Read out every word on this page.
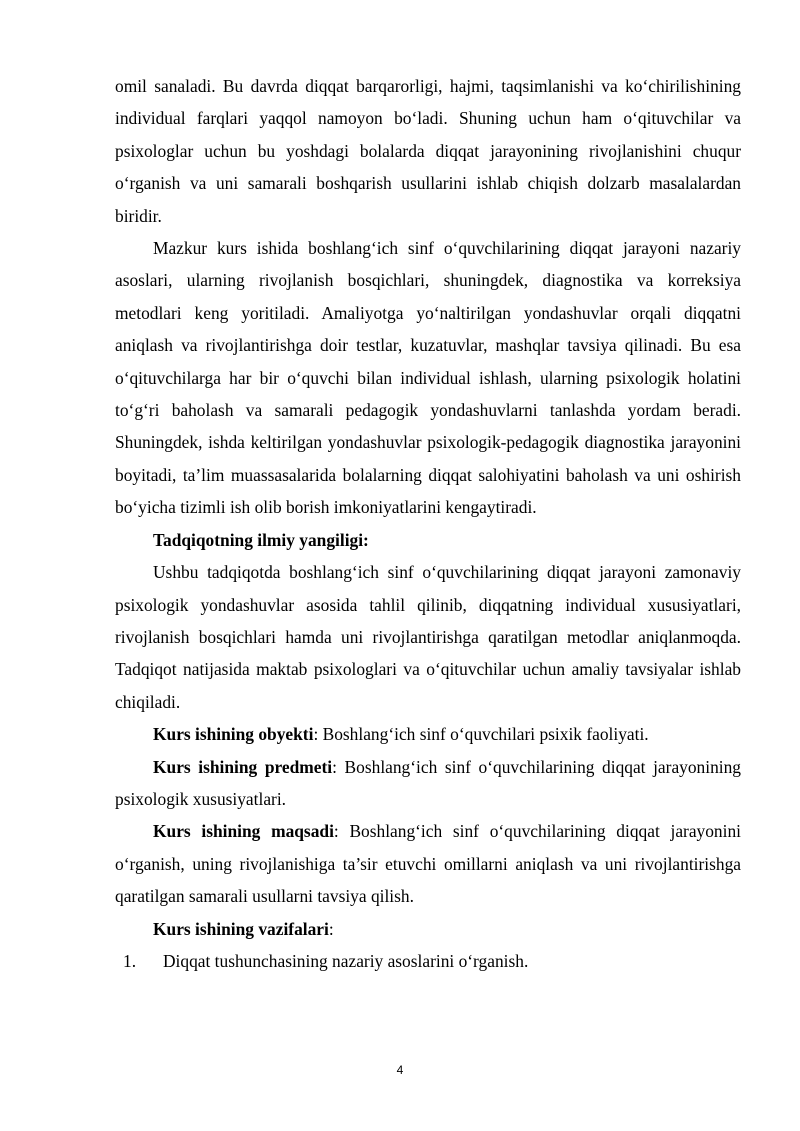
omil sanaladi. Bu davrda diqqat barqarorligi, hajmi, taqsimlanishi va ko‘chirilishining individual farqlari yaqqol namoyon bo‘ladi. Shuning uchun ham o‘qituvchilar va psixologlar uchun bu yoshdagi bolalarda diqqat jarayonining rivojlanishini chuqur o‘rganish va uni samarali boshqarish usullarini ishlab chiqish dolzarb masalalardan biridir.

Mazkur kurs ishida boshlang‘ich sinf o‘quvchilarining diqqat jarayoni nazariy asoslari, ularning rivojlanish bosqichlari, shuningdek, diagnostika va korreksiya metodlari keng yoritiladi. Amaliyotga yo‘naltirilgan yondashuvlar orqali diqqatni aniqlash va rivojlantirishga doir testlar, kuzatuvlar, mashqlar tavsiya qilinadi. Bu esa o‘qituvchilarga har bir o‘quvchi bilan individual ishlash, ularning psixologik holatini to‘g‘ri baholash va samarali pedagogik yondashuvlarni tanlashda yordam beradi. Shuningdek, ishda keltirilgan yondashuvlar psixologik-pedagogik diagnostika jarayonini boyitadi, ta’lim muassasalarida bolalarning diqqat salohiyatini baholash va uni oshirish bo‘yicha tizimli ish olib borish imkoniyatlarini kengaytiradi.

Tadqiqotning ilmiy yangiligi:

Ushbu tadqiqotda boshlang‘ich sinf o‘quvchilarining diqqat jarayoni zamonaviy psixologik yondashuvlar asosida tahlil qilinib, diqqatning individual xususiyatlari, rivojlanish bosqichlari hamda uni rivojlantirishga qaratilgan metodlar aniqlanmoqda. Tadqiqot natijasida maktab psixologlari va o‘qituvchilar uchun amaliy tavsiyalar ishlab chiqiladi.

Kurs ishining obyekti: Boshlang‘ich sinf o‘quvchilari psixik faoliyati.

Kurs ishining predmeti: Boshlang‘ich sinf o‘quvchilarining diqqat jarayonining psixologik xususiyatlari.

Kurs ishining maqsadi: Boshlang‘ich sinf o‘quvchilarining diqqat jarayonini o‘rganish, uning rivojlanishiga ta’sir etuvchi omillarni aniqlash va uni rivojlantirishga qaratilgan samarali usullarni tavsiya qilish.

Kurs ishining vazifalari:

1. Diqqat tushunchasining nazariy asoslarini o‘rganish.
4
